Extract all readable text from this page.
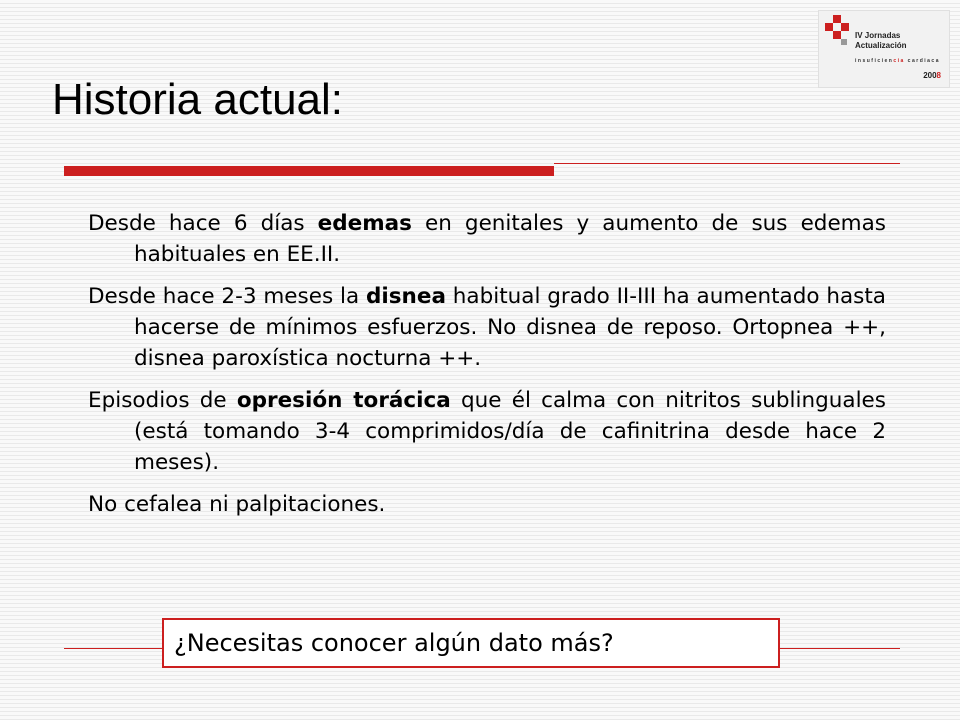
Historia actual:
IV Jornadas
Actualización
insuficiencia cardiaca
2008

Desde hace 6 días edemas en genitales y aumento de sus edemas habituales en EE.II.

Desde hace 2-3 meses la disnea habitual grado II-III ha aumentado hasta hacerse de mínimos esfuerzos. No disnea de reposo. Ortopnea ++, disnea paroxística nocturna ++.

Episodios de opresión torácica que él calma con nitritos sublinguales (está tomando 3-4 comprimidos/día de cafinitrina desde hace 2 meses).

No cefalea ni palpitaciones.

¿Necesitas conocer algún dato más?
